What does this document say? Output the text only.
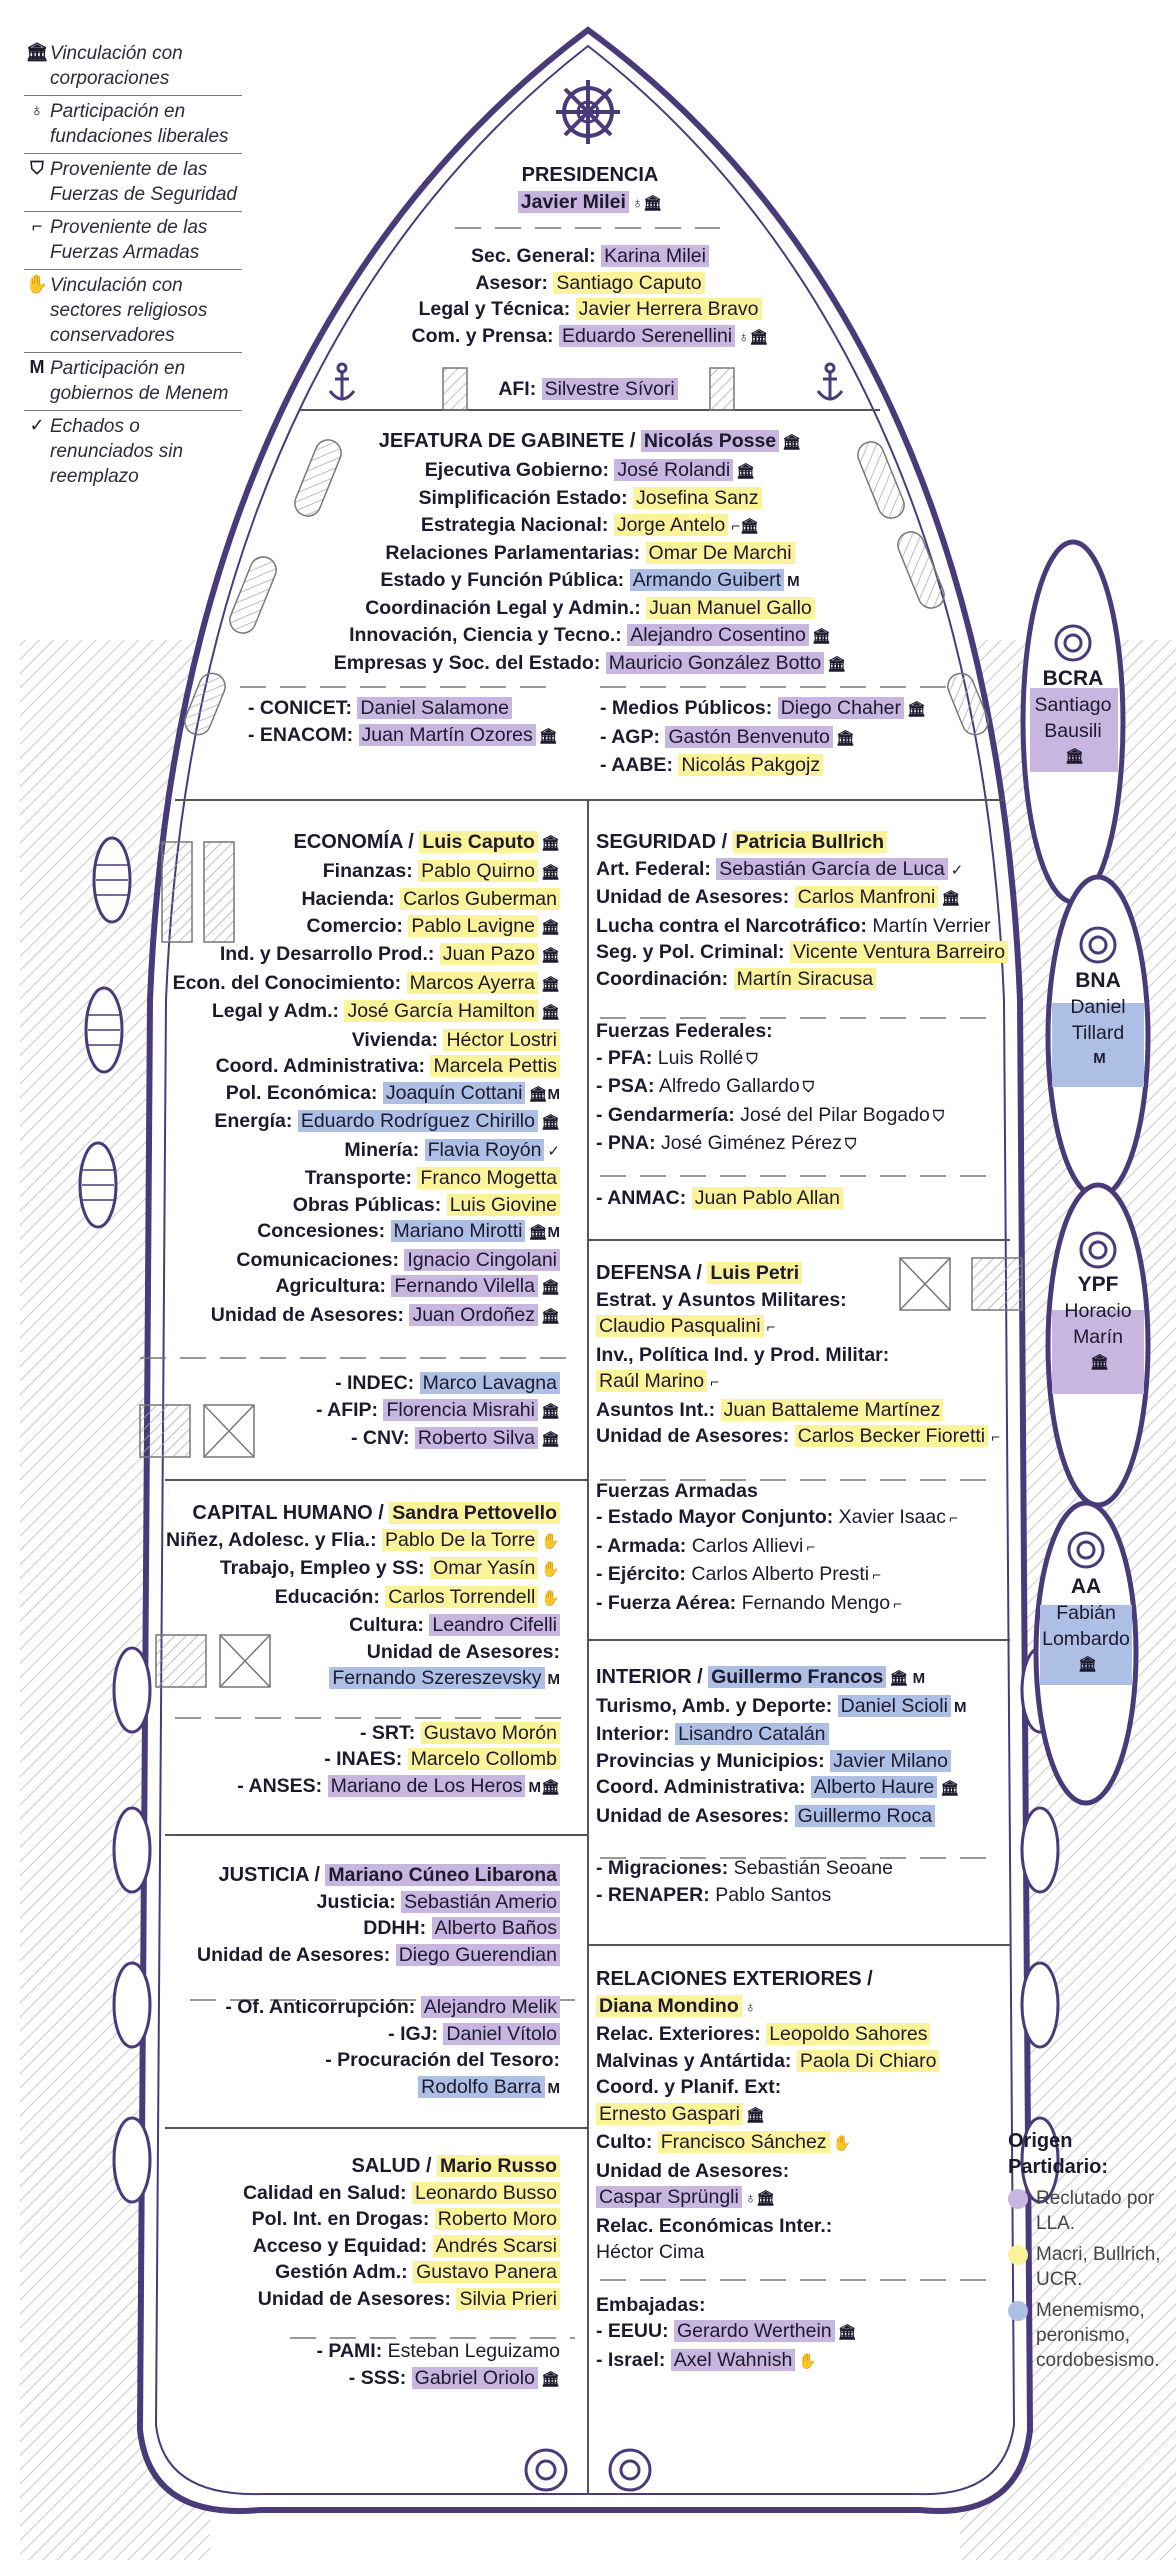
🏛 Vinculación con corporaciones
♁ Participación en fundaciones liberales
⛉ Proveniente de las Fuerzas de Seguridad
⌐ Proveniente de las Fuerzas Armadas
✋ Vinculación con sectores religiosos conservadores
M Participación en gobiernos de Menem
✓ Echados o renunciados sin reemplazo
PRESIDENCIA
Javier Milei ♁🏛
Sec. General: Karina Milei
Asesor: Santiago Caputo
Legal y Técnica: Javier Herrera Bravo
Com. y Prensa: Eduardo Serenellini ♁🏛
AFI: Silvestre Sívori
JEFATURA DE GABINETE / Nicolás Posse 🏛
Ejecutiva Gobierno: José Rolandi 🏛
Simplificación Estado: Josefina Sanz
Estrategia Nacional: Jorge Antelo ⌐🏛
Relaciones Parlamentarias: Omar De Marchi
Estado y Función Pública: Armando Guibert M
Coordinación Legal y Admin.: Juan Manuel Gallo
Innovación, Ciencia y Tecno.: Alejandro Cosentino 🏛
Empresas y Soc. del Estado: Mauricio González Botto 🏛
- CONICET: Daniel Salamone
- ENACOM: Juan Martín Ozores 🏛
- Medios Públicos: Diego Chaher 🏛
- AGP: Gastón Benvenuto 🏛
- AABE: Nicolás Pakgojz
ECONOMÍA / Luis Caputo 🏛
Finanzas: Pablo Quirno 🏛
Hacienda: Carlos Guberman
Comercio: Pablo Lavigne 🏛
Ind. y Desarrollo Prod.: Juan Pazo 🏛
Econ. del Conocimiento: Marcos Ayerra 🏛
Legal y Adm.: José García Hamilton 🏛
Vivienda: Héctor Lostri
Coord. Administrativa: Marcela Pettis
Pol. Económica: Joaquín Cottani 🏛M
Energía: Eduardo Rodríguez Chirillo 🏛
Minería: Flavia Royón ✓
Transporte: Franco Mogetta
Obras Públicas: Luis Giovine
Concesiones: Mariano Mirotti 🏛M
Comunicaciones: Ignacio Cingolani
Agricultura: Fernando Vilella 🏛
Unidad de Asesores: Juan Ordoñez 🏛
- INDEC: Marco Lavagna
- AFIP: Florencia Misrahi 🏛
- CNV: Roberto Silva 🏛
SEGURIDAD / Patricia Bullrich
Art. Federal: Sebastián García de Luca ✓
Unidad de Asesores: Carlos Manfroni 🏛
Lucha contra el Narcotráfico: Martín Verrier
Seg. y Pol. Criminal: Vicente Ventura Barreiro
Coordinación: Martín Siracusa
Fuerzas Federales:
- PFA: Luis Rollé ⛉
- PSA: Alfredo Gallardo ⛉
- Gendarmería: José del Pilar Bogado ⛉
- PNA: José Giménez Pérez ⛉
- ANMAC: Juan Pablo Allan
DEFENSA / Luis Petri
Estrat. y Asuntos Militares:
Claudio Pasqualini ⌐
Inv., Política Ind. y Prod. Militar:
Raúl Marino ⌐
Asuntos Int.: Juan Battaleme Martínez
Unidad de Asesores: Carlos Becker Fioretti ⌐
Fuerzas Armadas
- Estado Mayor Conjunto: Xavier Isaac ⌐
- Armada: Carlos Allievi ⌐
- Ejército: Carlos Alberto Presti ⌐
- Fuerza Aérea: Fernando Mengo ⌐
CAPITAL HUMANO / Sandra Pettovello
Niñez, Adolesc. y Flia.: Pablo De la Torre ✋
Trabajo, Empleo y SS: Omar Yasín ✋
Educación: Carlos Torrendell ✋
Cultura: Leandro Cifelli
Unidad de Asesores:
Fernando Szereszevsky M
- SRT: Gustavo Morón
- INAES: Marcelo Collomb
- ANSES: Mariano de Los Heros M🏛
INTERIOR / Guillermo Francos 🏛 M
Turismo, Amb. y Deporte: Daniel Scioli M
Interior: Lisandro Catalán
Provincias y Municipios: Javier Milano
Coord. Administrativa: Alberto Haure 🏛
Unidad de Asesores: Guillermo Roca
- Migraciones: Sebastián Seoane
- RENAPER: Pablo Santos
JUSTICIA / Mariano Cúneo Libarona
Justicia: Sebastián Amerio
DDHH: Alberto Baños
Unidad de Asesores: Diego Guerendian
- Of. Anticorrupción: Alejandro Melik
- IGJ: Daniel Vítolo
- Procuración del Tesoro:
Rodolfo Barra M
RELACIONES EXTERIORES /
Diana Mondino ♁
Relac. Exteriores: Leopoldo Sahores
Malvinas y Antártida: Paola Di Chiaro
Coord. y Planif. Ext:
Ernesto Gaspari 🏛
Culto: Francisco Sánchez ✋
Unidad de Asesores:
Caspar Sprüngli ♁🏛
Relac. Económicas Inter.:
Héctor Cima
Embajadas:
- EEUU: Gerardo Werthein 🏛
- Israel: Axel Wahnish ✋
SALUD / Mario Russo
Calidad en Salud: Leonardo Busso
Pol. Int. en Drogas: Roberto Moro
Acceso y Equidad: Andrés Scarsi
Gestión Adm.: Gustavo Panera
Unidad de Asesores: Silvia Prieri
- PAMI: Esteban Leguizamo
- SSS: Gabriel Oriolo 🏛
BCRA
Santiago
Bausili
🏛
BNA
Daniel
Tillard
M
YPF
Horacio
Marín
🏛
AA
Fabián
Lombardo
🏛
Origen Partidario:
Reclutado por LLA.
Macri, Bullrich, UCR.
Menemismo, peronismo, cordobesismo.
